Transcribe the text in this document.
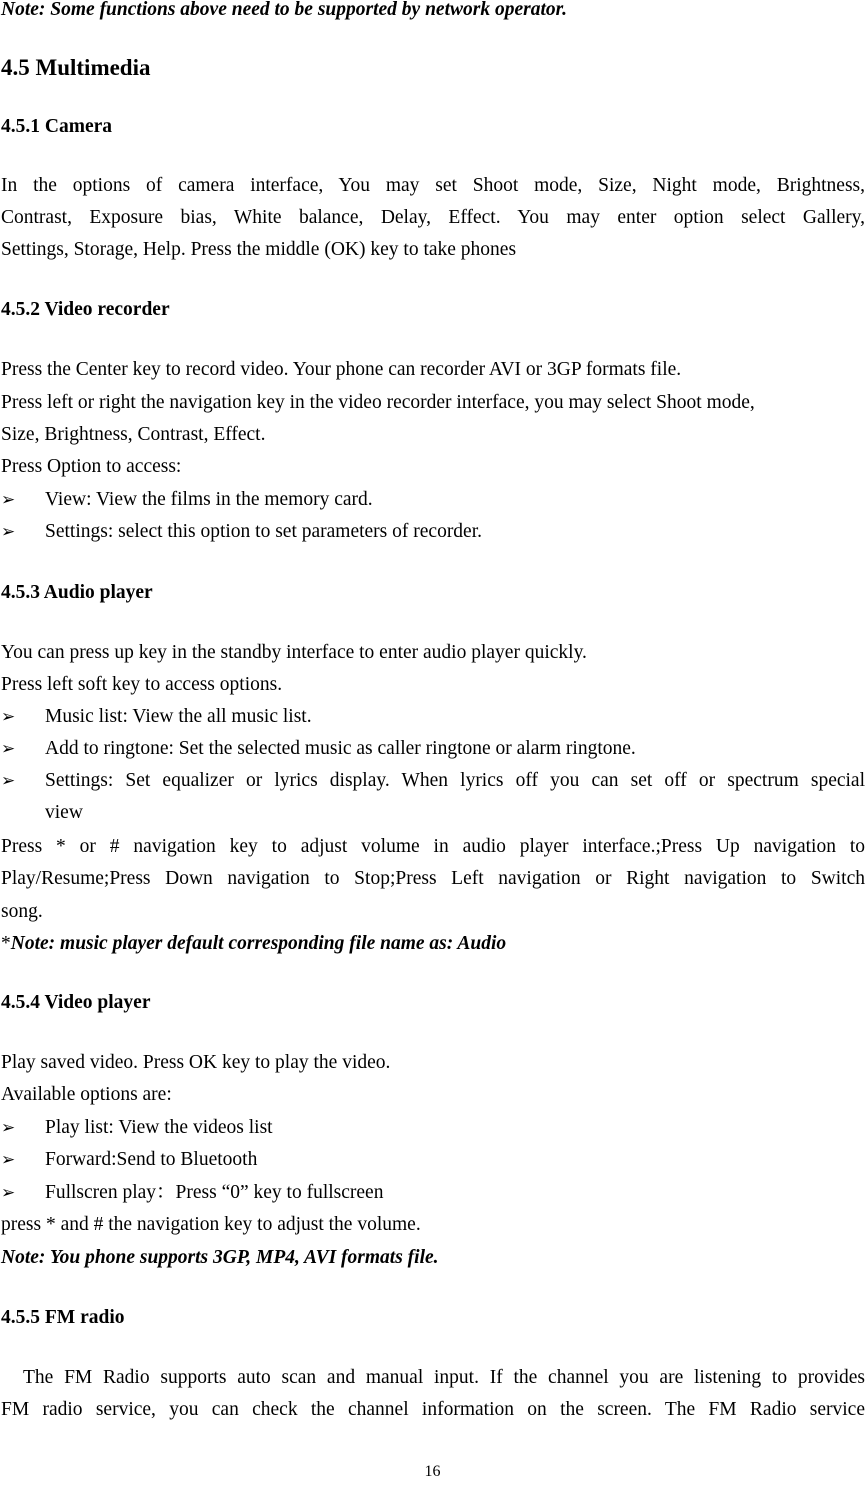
Note: Some functions above need to be supported by network operator.
4.5 Multimedia
4.5.1 Camera
In the options of camera interface, You may set Shoot mode, Size, Night mode, Brightness,
Contrast, Exposure bias, White balance, Delay, Effect. You may enter option select Gallery,
Settings, Storage, Help. Press the middle (OK) key to take phones
4.5.2 Video recorder
Press the Center key to record video. Your phone can recorder AVI or 3GP formats file.
Press left or right the navigation key in the video recorder interface, you may select Shoot mode,
Size, Brightness, Contrast, Effect.
Press Option to access:
➢ View: View the films in the memory card.
➢ Settings: select this option to set parameters of recorder.
4.5.3 Audio player
You can press up key in the standby interface to enter audio player quickly.
Press left soft key to access options.
➢ Music list: View the all music list.
➢ Add to ringtone: Set the selected music as caller ringtone or alarm ringtone.
➢ Settings: Set equalizer or lyrics display. When lyrics off you can set off or spectrum special
view
Press * or # navigation key to adjust volume in audio player interface.;Press Up navigation to
Play/Resume;Press Down navigation to Stop;Press Left navigation or Right navigation to Switch
song.
*Note: music player default corresponding file name as: Audio
4.5.4 Video player
Play saved video. Press OK key to play the video.
Available options are:
➢ Play list: View the videos list
➢ Forward:Send to Bluetooth
➢ Fullscren play：Press “0” key to fullscreen
press * and # the navigation key to adjust the volume.
Note: You phone supports 3GP, MP4, AVI formats file.
4.5.5 FM radio
The FM Radio supports auto scan and manual input. If the channel you are listening to provides
FM radio service, you can check the channel information on the screen. The FM Radio service
16
